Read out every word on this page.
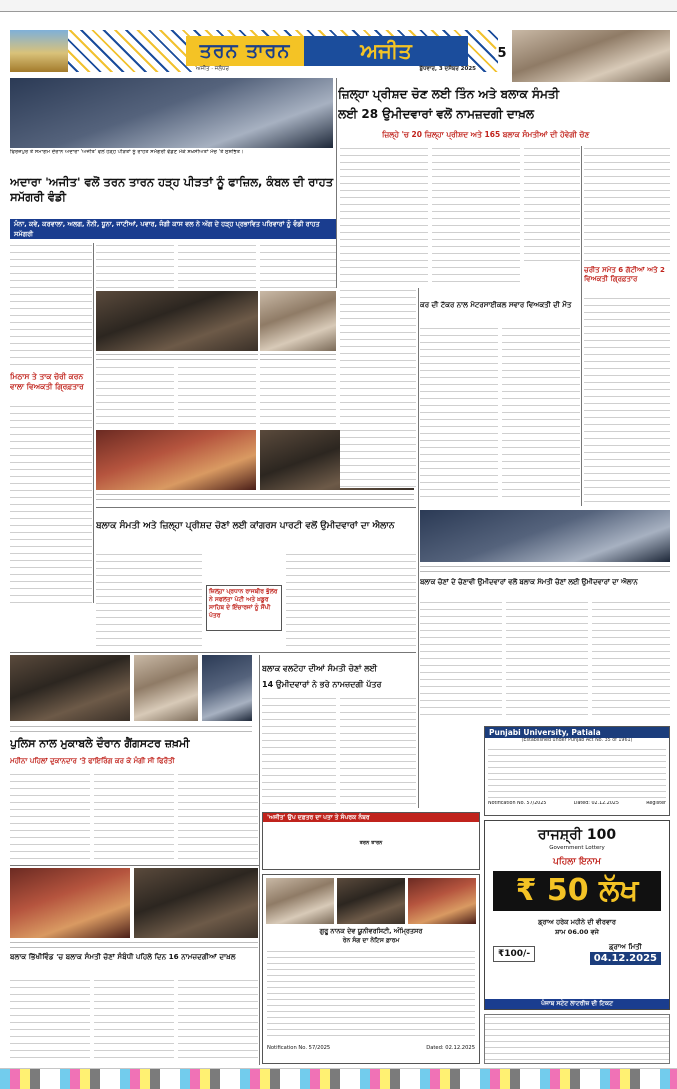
ਤਰਨ ਤਾਰਨ	ਅਜੀਤ
ਅਜੀਤ · ਜਲੰਧਰ	ਬੁੱਧਵਾਰ, 3 ਦਸੰਬਰ 2025
5
ਫਿਰੋਜ਼ਪੁਰ ਤੇ ਸਮਾਗਮ ਦੌਰਾਨ ਅਦਾਰਾ 'ਅਜੀਤ' ਵਲੋਂ ਹੜ੍ਹ ਪੀੜਤਾਂ ਨੂੰ ਰਾਹਤ ਸਮੱਗਰੀ ਵੰਡਣ ਮੌਕੇ ਸ਼ਖ਼ਸੀਅਤਾਂ ਮੰਚ 'ਤੇ ਸੁਸ਼ੋਭਿਤ।
ਜ਼ਿਲ੍ਹਾ ਪ੍ਰੀਸ਼ਦ ਚੋਣ ਲਈ ਤਿੰਨ ਅਤੇ ਬਲਾਕ ਸੰਮਤੀ
ਲਈ 28 ਉਮੀਦਵਾਰਾਂ ਵਲੋਂ ਨਾਮਜ਼ਦਗੀ ਦਾਖ਼ਲ
ਜ਼ਿਲ੍ਹੇ 'ਚ 20 ਜ਼ਿਲ੍ਹਾ ਪ੍ਰੀਸ਼ਦ ਅਤੇ 165 ਬਲਾਕ ਸੰਮਤੀਆਂ ਦੀ ਹੋਵੇਗੀ ਚੋਣ
ਚਰੀਤ ਸਮੇਤ 6 ਗੱਟੀਆਂ ਅਤੇ 2 ਵਿਅਕਤੀ ਗ੍ਰਿਫ਼ਤਾਰ
ਅਦਾਰਾ 'ਅਜੀਤ' ਵਲੋਂ ਤਰਨ ਤਾਰਨ ਹੜ੍ਹ ਪੀੜਤਾਂ ਨੂੰ ਫਾਜ਼ਿਲ, ਕੰਬਲ ਦੀ ਰਾਹਤ ਸਮੱਗਰੀ ਵੰਡੀ
ਮੰਨਾ, ਕਵੇ, ਕਰਵਾਲਾ, ਅਲਗ, ਨੌਨੀ, ਧੂਨਾ, ਜਾਟੀਆਂ, ਪਵਾਰ, ਜੰਗੀ ਕਾਸ ਵਲ ਨੇ ਅੱਗ ਦੇ ਹੜ੍ਹ ਪ੍ਰਭਾਵਿਤ ਪਰਿਵਾਰਾਂ ਨੂੰ ਵੰਡੀ ਰਾਹਤ ਸਮੱਗਰੀ
ਮਿਠਾਸ ਤੇ ਤਾਕ ਚੋਰੀ ਕਰਨ ਵਾਲਾ ਵਿਅਕਤੀ ਗ੍ਰਿਫ਼ਤਾਰ
ਕਰ ਦੀ ਟੱਕਰ ਨਾਲ ਮੋਟਰਸਾਈਕਲ ਸਵਾਰ ਵਿਅਕਤੀ ਦੀ ਮੌਤ
ਬਲਾਕ ਸੰਮਤੀ ਅਤੇ ਜ਼ਿਲ੍ਹਾ ਪ੍ਰੀਸ਼ਦ ਚੋਣਾਂ ਲਈ ਕਾਂਗਰਸ ਪਾਰਟੀ ਵਲੋਂ ਉਮੀਦਵਾਰਾਂ ਦਾ ਐਲਾਨ
ਜ਼ਿਲ੍ਹਾ ਪ੍ਰਧਾਨ ਰਾਜਬੀਰ ਭੁੱਲਰ ਨੇ ਸਫਲਤਾ ਪੱਟੀ ਅਤੇ ਖ਼ਡੂਰ ਸਾਹਿਬ ਦੇ ਇੰਚਾਰਜਾਂ ਨੂੰ ਸੌਂਪੀ ਪੱਤਰ
ਬਲਾਕ ਚੋਣਾਂ ਦੇ ਚੋਣਾਵੀ ਉਮੀਦਵਾਰਾਂ ਵਲੋਂ ਬਲਾਕ ਸੰਮਤੀ ਚੋਣਾਂ ਲਈ ਉਮੀਦਵਾਰਾਂ ਦਾ ਐਲਾਨ
ਪੁਲਿਸ ਨਾਲ ਮੁਕਾਬਲੇ ਦੌਰਾਨ ਗੈਂਗਸਟਰ ਜ਼ਖ਼ਮੀ
ਮਹੀਨਾ ਪਹਿਲਾਂ ਦੁਕਾਨਦਾਰ 'ਤੇ ਫਾਇਰਿੰਗ ਕਰ ਕੇ ਮੰਗੀ ਸੀ ਫਿਰੌਤੀ
ਬਲਾਕ ਵਲਟੋਹਾ ਦੀਆਂ ਸੰਮਤੀ ਚੋਣਾਂ ਲਈ
14 ਉਮੀਦਵਾਰਾਂ ਨੇ ਭਰੇ ਨਾਮਜ਼ਦਗੀ ਪੱਤਰ
'ਅਜੀਤ' ਉਪ ਦਫ਼ਤਰ ਦਾ ਪਤਾ ਤੇ ਸੰਪਰਕ ਨੰਬਰ
ਤਰਨ ਤਾਰਨ
Punjabi University, Patiala
(Established under Punjab Act No. 35 of 1961)
Notification No. 57/2025	Dated: 02.12.2025	Register
ਰਾਜਸ਼੍ਰੀ 100
Government Lottery
ਪਹਿਲਾ ਇਨਾਮ
₹ 50 ਲੱਖ
ਡ੍ਰਾਅ ਹਰੇਕ ਮਹੀਨੇ ਦੀ ਵੀਰਵਾਰ
ਸ਼ਾਮ 06.00 ਵਜੇ
₹100/-
ਡ੍ਰਾਅ ਮਿਤੀ
04.12.2025
ਪੰਜਾਬ ਸਟੇਟ ਲਾਟਰੀਜ਼ ਦੀ ਟਿਕਟ
ਬਲਾਕ ਭਿੱਖੀਵਿੰਡ 'ਚ ਬਲਾਕ ਸੰਮਤੀ ਚੋਣਾਂ ਸੰਬੰਧੀ ਪਹਿਲੇ ਦਿਨ 16 ਨਾਮਜ਼ਦਗੀਆਂ ਦਾਖ਼ਲ
ਗੁਰੂ ਨਾਨਕ ਦੇਵ ਯੂਨੀਵਰਸਿਟੀ, ਅੰਮ੍ਰਿਤਸਰ
ਰੇਨ ਸੰਗ ਦਾ ਨੋਟਿਸ ਫ਼ਾਰਮ
Notification No. 57/2025	Dated: 02.12.2025
